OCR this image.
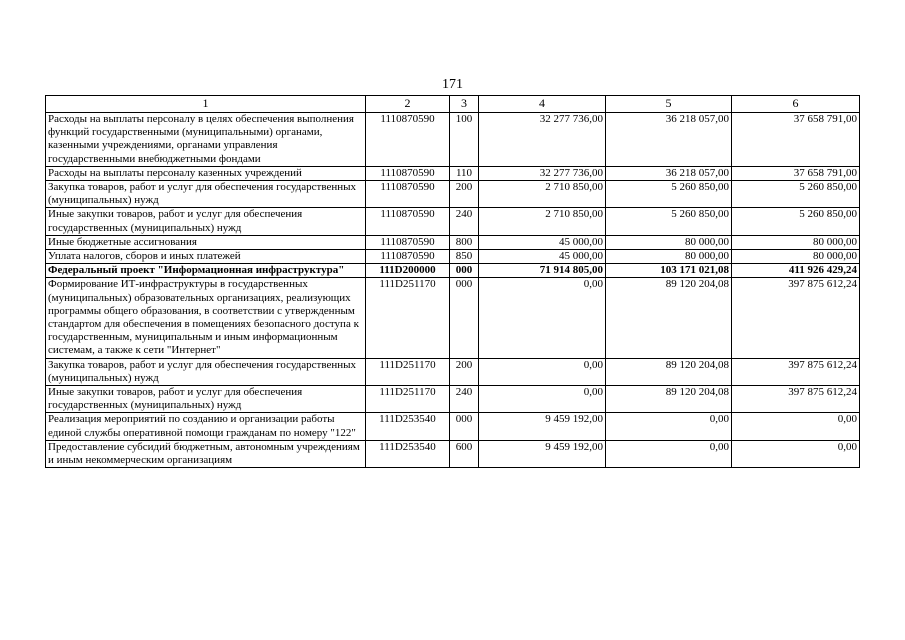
171
1	2	3	4	5	6
Расходы на выплаты персоналу в целях обеспечения выполнения функций государственными (муниципальными) органами, казенными учреждениями, органами управления государственными внебюджетными фондами	1110870590	100	32 277 736,00	36 218 057,00	37 658 791,00
Расходы на выплаты персоналу казенных учреждений	1110870590	110	32 277 736,00	36 218 057,00	37 658 791,00
Закупка товаров, работ и услуг для обеспечения государственных (муниципальных) нужд	1110870590	200	2 710 850,00	5 260 850,00	5 260 850,00
Иные закупки товаров, работ и услуг для обеспечения государственных (муниципальных) нужд	1110870590	240	2 710 850,00	5 260 850,00	5 260 850,00
Иные бюджетные ассигнования	1110870590	800	45 000,00	80 000,00	80 000,00
Уплата налогов, сборов и иных платежей	1110870590	850	45 000,00	80 000,00	80 000,00
Федеральный проект "Информационная инфраструктура"	111D200000	000	71 914 805,00	103 171 021,08	411 926 429,24
Формирование ИТ-инфраструктуры в государственных (муниципальных) образовательных организациях, реализующих программы общего образования, в соответствии с утвержденным стандартом для обеспечения в помещениях безопасного доступа к государственным, муниципальным и иным информационным системам, а также к сети "Интернет"	111D251170	000	0,00	89 120 204,08	397 875 612,24
Закупка товаров, работ и услуг для обеспечения государственных (муниципальных) нужд	111D251170	200	0,00	89 120 204,08	397 875 612,24
Иные закупки товаров, работ и услуг для обеспечения государственных (муниципальных) нужд	111D251170	240	0,00	89 120 204,08	397 875 612,24
Реализация мероприятий по созданию и организации работы единой службы оперативной помощи гражданам по номеру "122"	111D253540	000	9 459 192,00	0,00	0,00
Предоставление субсидий бюджетным, автономным учреждениям и иным некоммерческим организациям	111D253540	600	9 459 192,00	0,00	0,00
